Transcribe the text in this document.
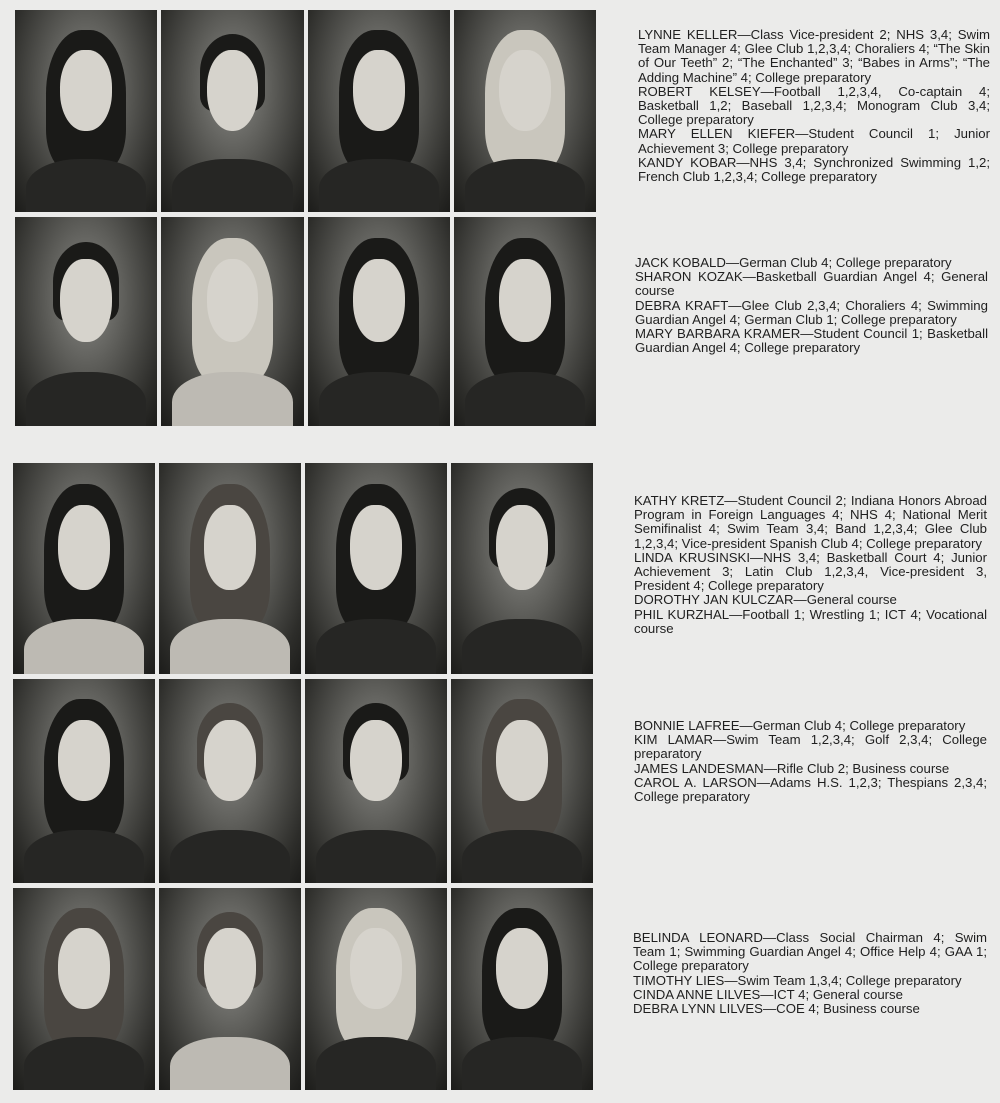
LYNNE KELLER—Class Vice-president 2; NHS 3,4; Swim Team Manager 4; Glee Club 1,2,3,4; Choraliers 4; “The Skin of Our Teeth” 2; “The Enchanted” 3; “Babes in Arms”; “The Adding Machine” 4; College preparatory

ROBERT KELSEY—Football 1,2,3,4, Co-captain 4; Basketball 1,2; Baseball 1,2,3,4; Monogram Club 3,4; College preparatory

MARY ELLEN KIEFER—Student Council 1; Junior Achievement 3; College preparatory

KANDY KOBAR—NHS 3,4; Synchronized Swimming 1,2; French Club 1,2,3,4; College preparatory

JACK KOBALD—German Club 4; College preparatory

SHARON KOZAK—Basketball Guardian Angel 4; General course

DEBRA KRAFT—Glee Club 2,3,4; Choraliers 4; Swimming Guardian Angel 4; German Club 1; College preparatory

MARY BARBARA KRAMER—Student Council 1; Basketball Guardian Angel 4; College preparatory

KATHY KRETZ—Student Council 2; Indiana Honors Abroad Program in Foreign Languages 4; NHS 4; National Merit Semifinalist 4; Swim Team 3,4; Band 1,2,3,4; Glee Club 1,2,3,4; Vice-president Spanish Club 4; College preparatory

LINDA KRUSINSKI—NHS 3,4; Basketball Court 4; Junior Achievement 3; Latin Club 1,2,3,4, Vice-president 3, President 4; College preparatory

DOROTHY JAN KULCZAR—General course

PHIL KURZHAL—Football 1; Wrestling 1; ICT 4; Vocational course

BONNIE LAFREE—German Club 4; College preparatory

KIM LAMAR—Swim Team 1,2,3,4; Golf 2,3,4; College preparatory

JAMES LANDESMAN—Rifle Club 2; Business course

CAROL A. LARSON—Adams H.S. 1,2,3; Thespians 2,3,4; College preparatory

BELINDA LEONARD—Class Social Chairman 4; Swim Team 1; Swimming Guardian Angel 4; Office Help 4; GAA 1; College preparatory

TIMOTHY LIES—Swim Team 1,3,4; College preparatory

CINDA ANNE LILVES—ICT 4; General course

DEBRA LYNN LILVES—COE 4; Business course
